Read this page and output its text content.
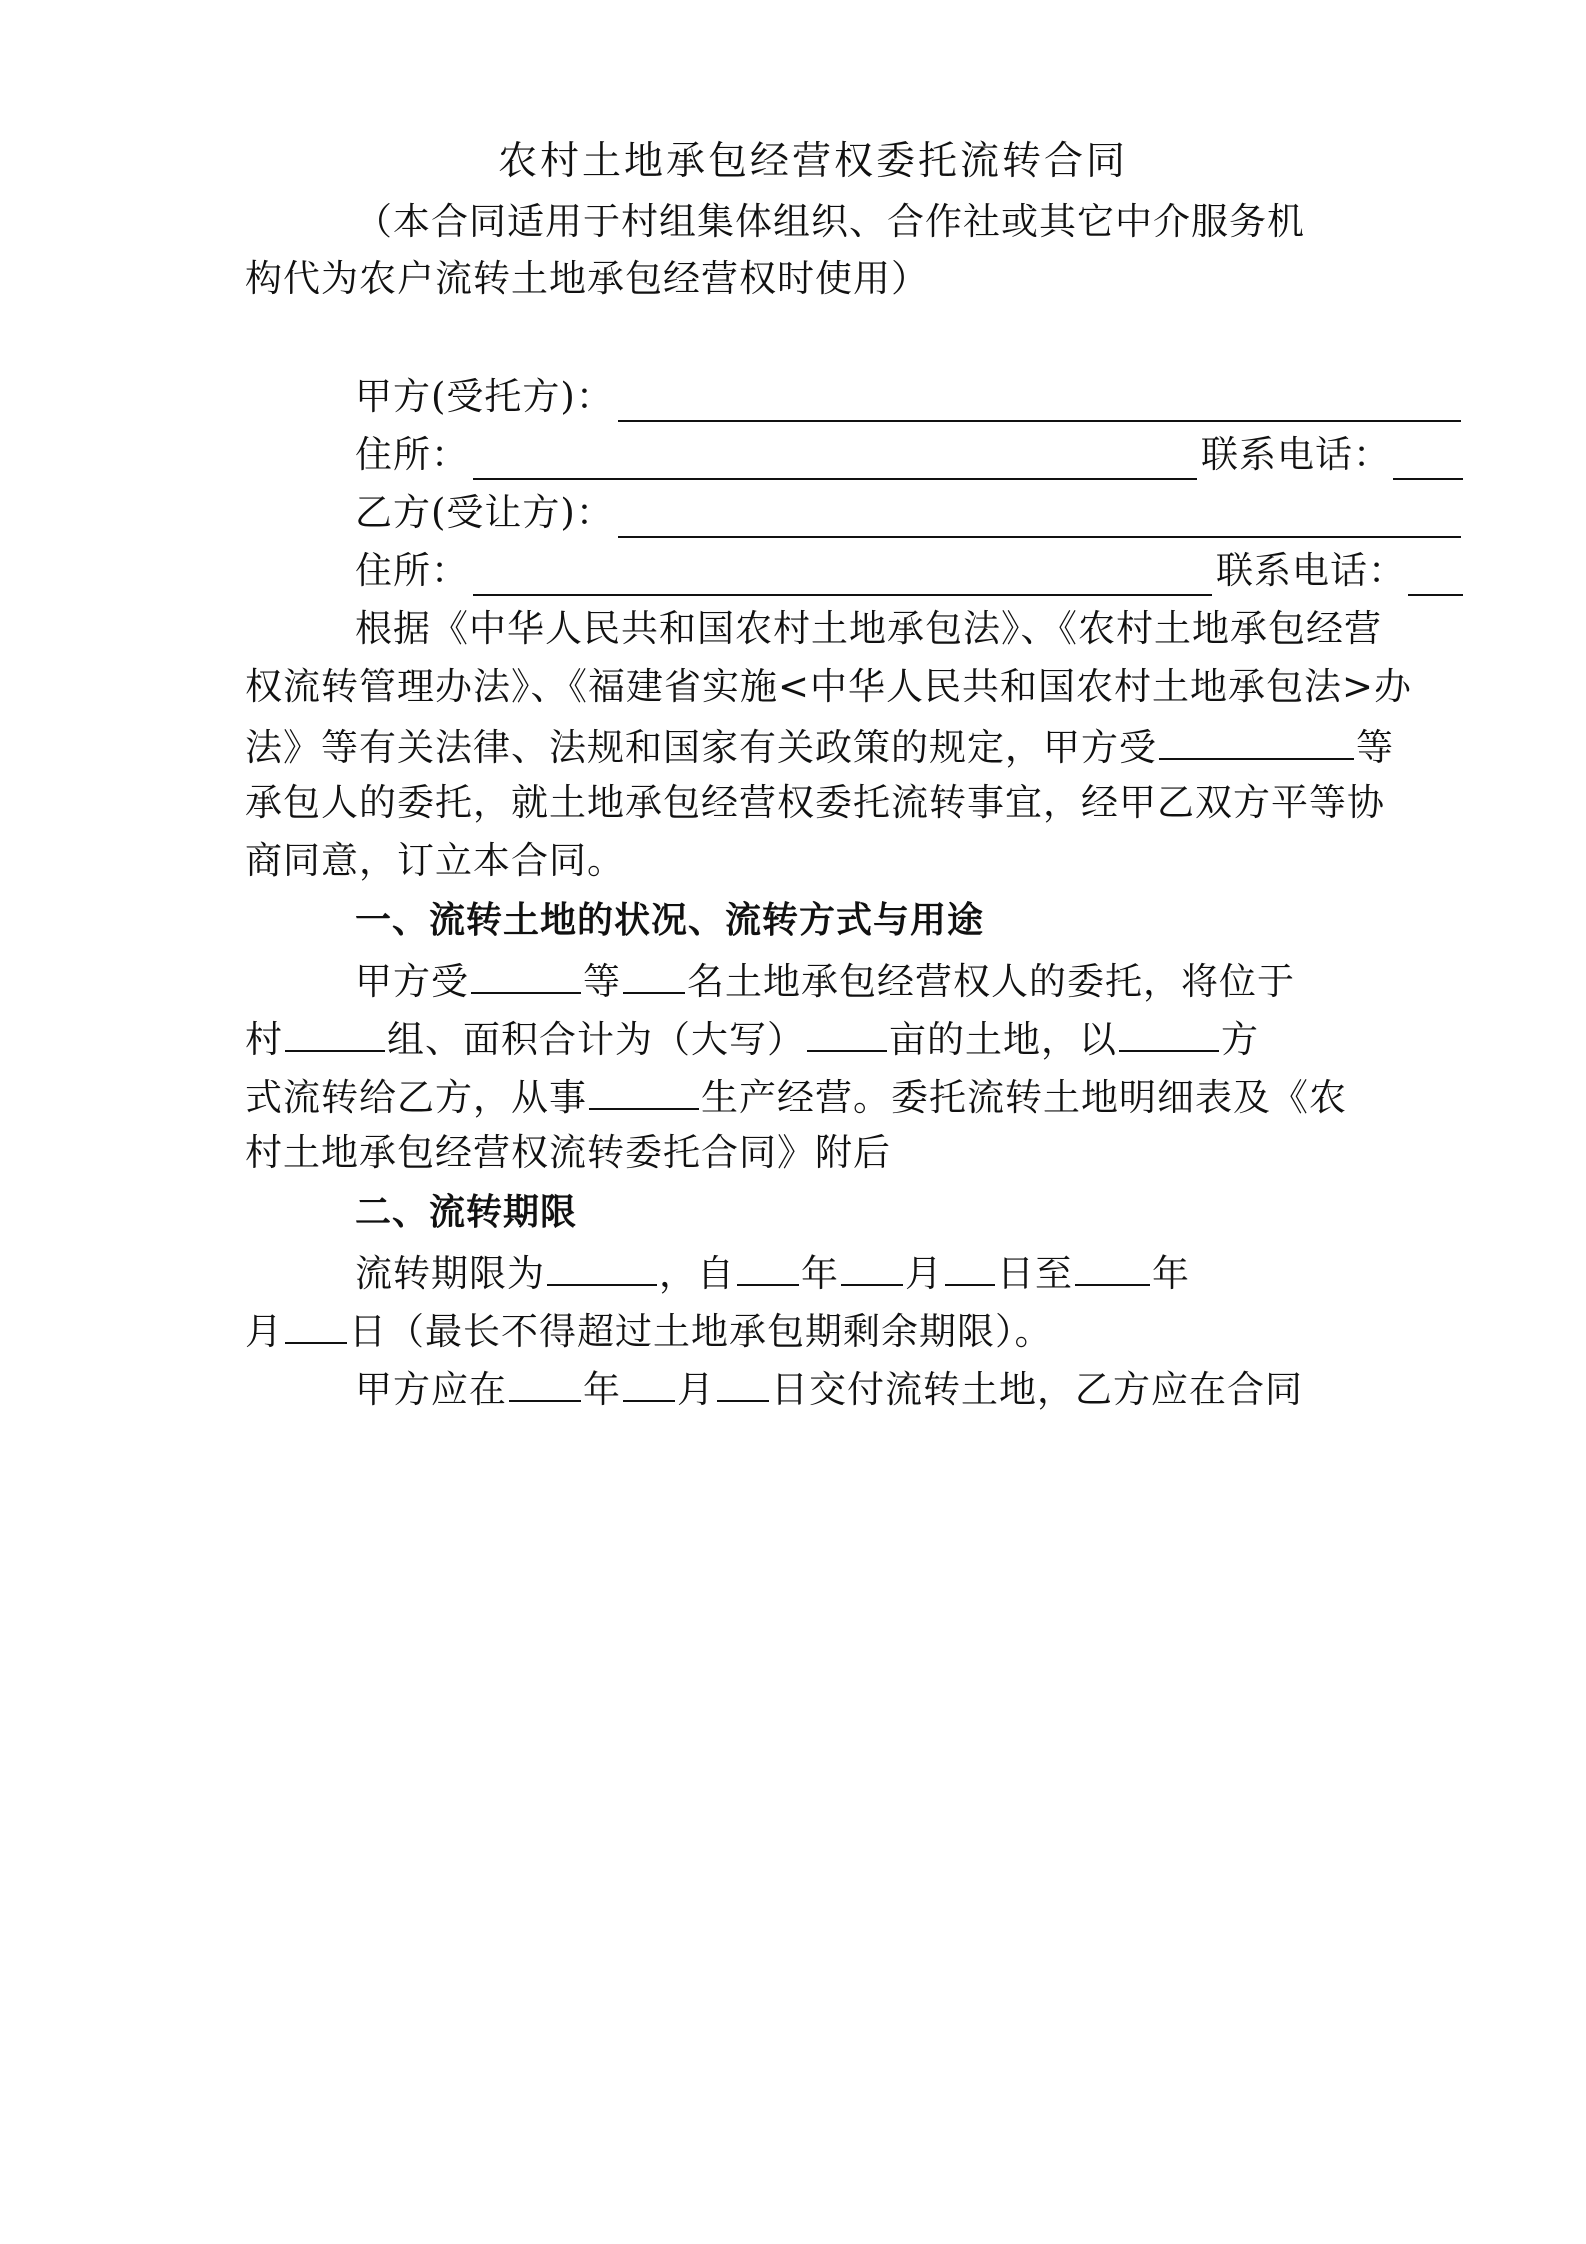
农村土地承包经营权委托流转合同
（本合同适用于村组集体组织、合作社或其它中介服务机
构代为农户流转土地承包经营权时使用）
甲方(受托方)：
住所：	联系电话：
乙方(受让方)：
住所：	联系电话：
根据《中华人民共和国农村土地承包法》、《农村土地承包经营
权流转管理办法》、《福建省实施<中华人民共和国农村土地承包法>办
法》等有关法律、法规和国家有关政策的规定，甲方受	等
承包人的委托，就土地承包经营权委托流转事宜，经甲乙双方平等协
商同意，订立本合同。
一、流转土地的状况、流转方式与用途
甲方受	等 名土地承包经营权人的委托，将位于
村	组、面积合计为（大写） 亩的土地，以	方
式流转给乙方，从事	生产经营。委托流转土地明细表及《农
村土地承包经营权流转委托合同》附后
二、流转期限
流转期限为	，自 年 月 日至 年
月 日（最长不得超过土地承包期剩余期限）。
甲方应在 年 月 日交付流转土地，乙方应在合同
